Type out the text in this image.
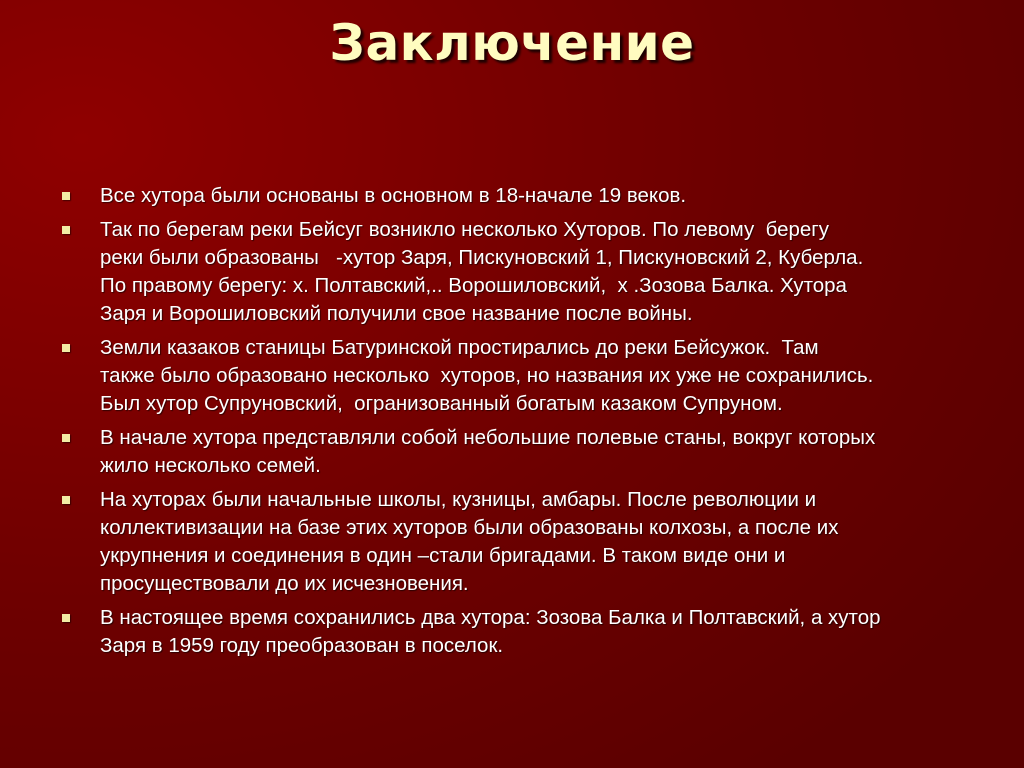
Заключение
Все хутора были основаны в основном в 18-начале 19 веков.
Так по берегам реки Бейсуг возникло несколько Хуторов. По левому  берегу
реки были образованы   -хутор Заря, Пискуновский 1, Пискуновский 2, Куберла.
По правому берегу: х. Полтавский,.. Ворошиловский,  х .Зозова Балка. Хутора
Заря и Ворошиловский получили свое название после войны.
Земли казаков станицы Батуринской простирались до реки Бейсужок.  Там
также было образовано несколько  хуторов, но названия их уже не сохранились.
Был хутор Супруновский,  огранизованный богатым казаком Супруном.
В начале хутора представляли собой небольшие полевые станы, вокруг которых
жило несколько семей.
На хуторах были начальные школы, кузницы, амбары. После революции и
коллективизации на базе этих хуторов были образованы колхозы, а после их
укрупнения и соединения в один –стали бригадами. В таком виде они и
просуществовали до их исчезновения.
В настоящее время сохранились два хутора: Зозова Балка и Полтавский, а хутор
Заря в 1959 году преобразован в поселок.
